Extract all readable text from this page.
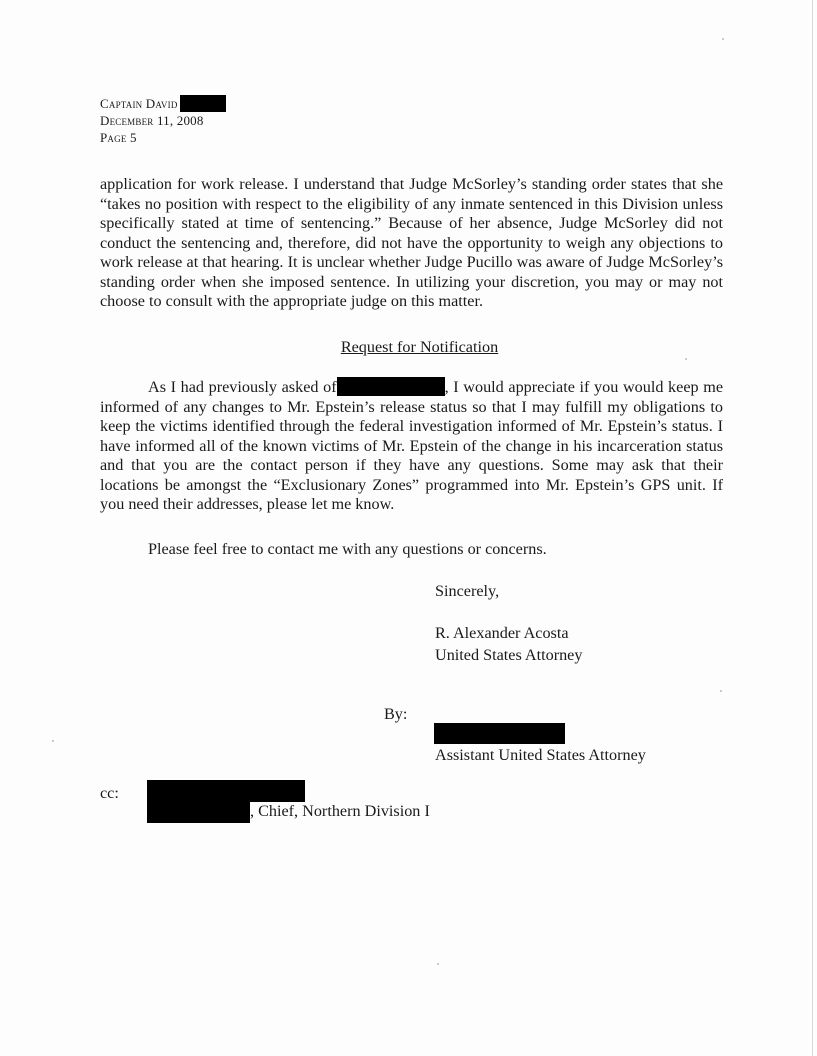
Captain David
December 11, 2008
Page 5
application for work release. I understand that Judge McSorley’s standing order states that she “takes no position with respect to the eligibility of any inmate sentenced in this Division unless specifically stated at time of sentencing.” Because of her absence, Judge McSorley did not conduct the sentencing and, therefore, did not have the opportunity to weigh any objections to work release at that hearing. It is unclear whether Judge Pucillo was aware of Judge McSorley’s standing order when she imposed sentence. In utilizing your discretion, you may or may not choose to consult with the appropriate judge on this matter.
Request for Notification
As I had previously asked of	, I would appreciate if you would keep me informed of any changes to Mr. Epstein’s release status so that I may fulfill my obligations to keep the victims identified through the federal investigation informed of Mr. Epstein’s status. I have informed all of the known victims of Mr. Epstein of the change in his incarceration status and that you are the contact person if they have any questions. Some may ask that their locations be amongst the “Exclusionary Zones” programmed into Mr. Epstein’s GPS unit. If you need their addresses, please let me know.
Please feel free to contact me with any questions or concerns.
Sincerely,
R. Alexander Acosta
United States Attorney
By:
Assistant United States Attorney
cc:
, Chief, Northern Division I
